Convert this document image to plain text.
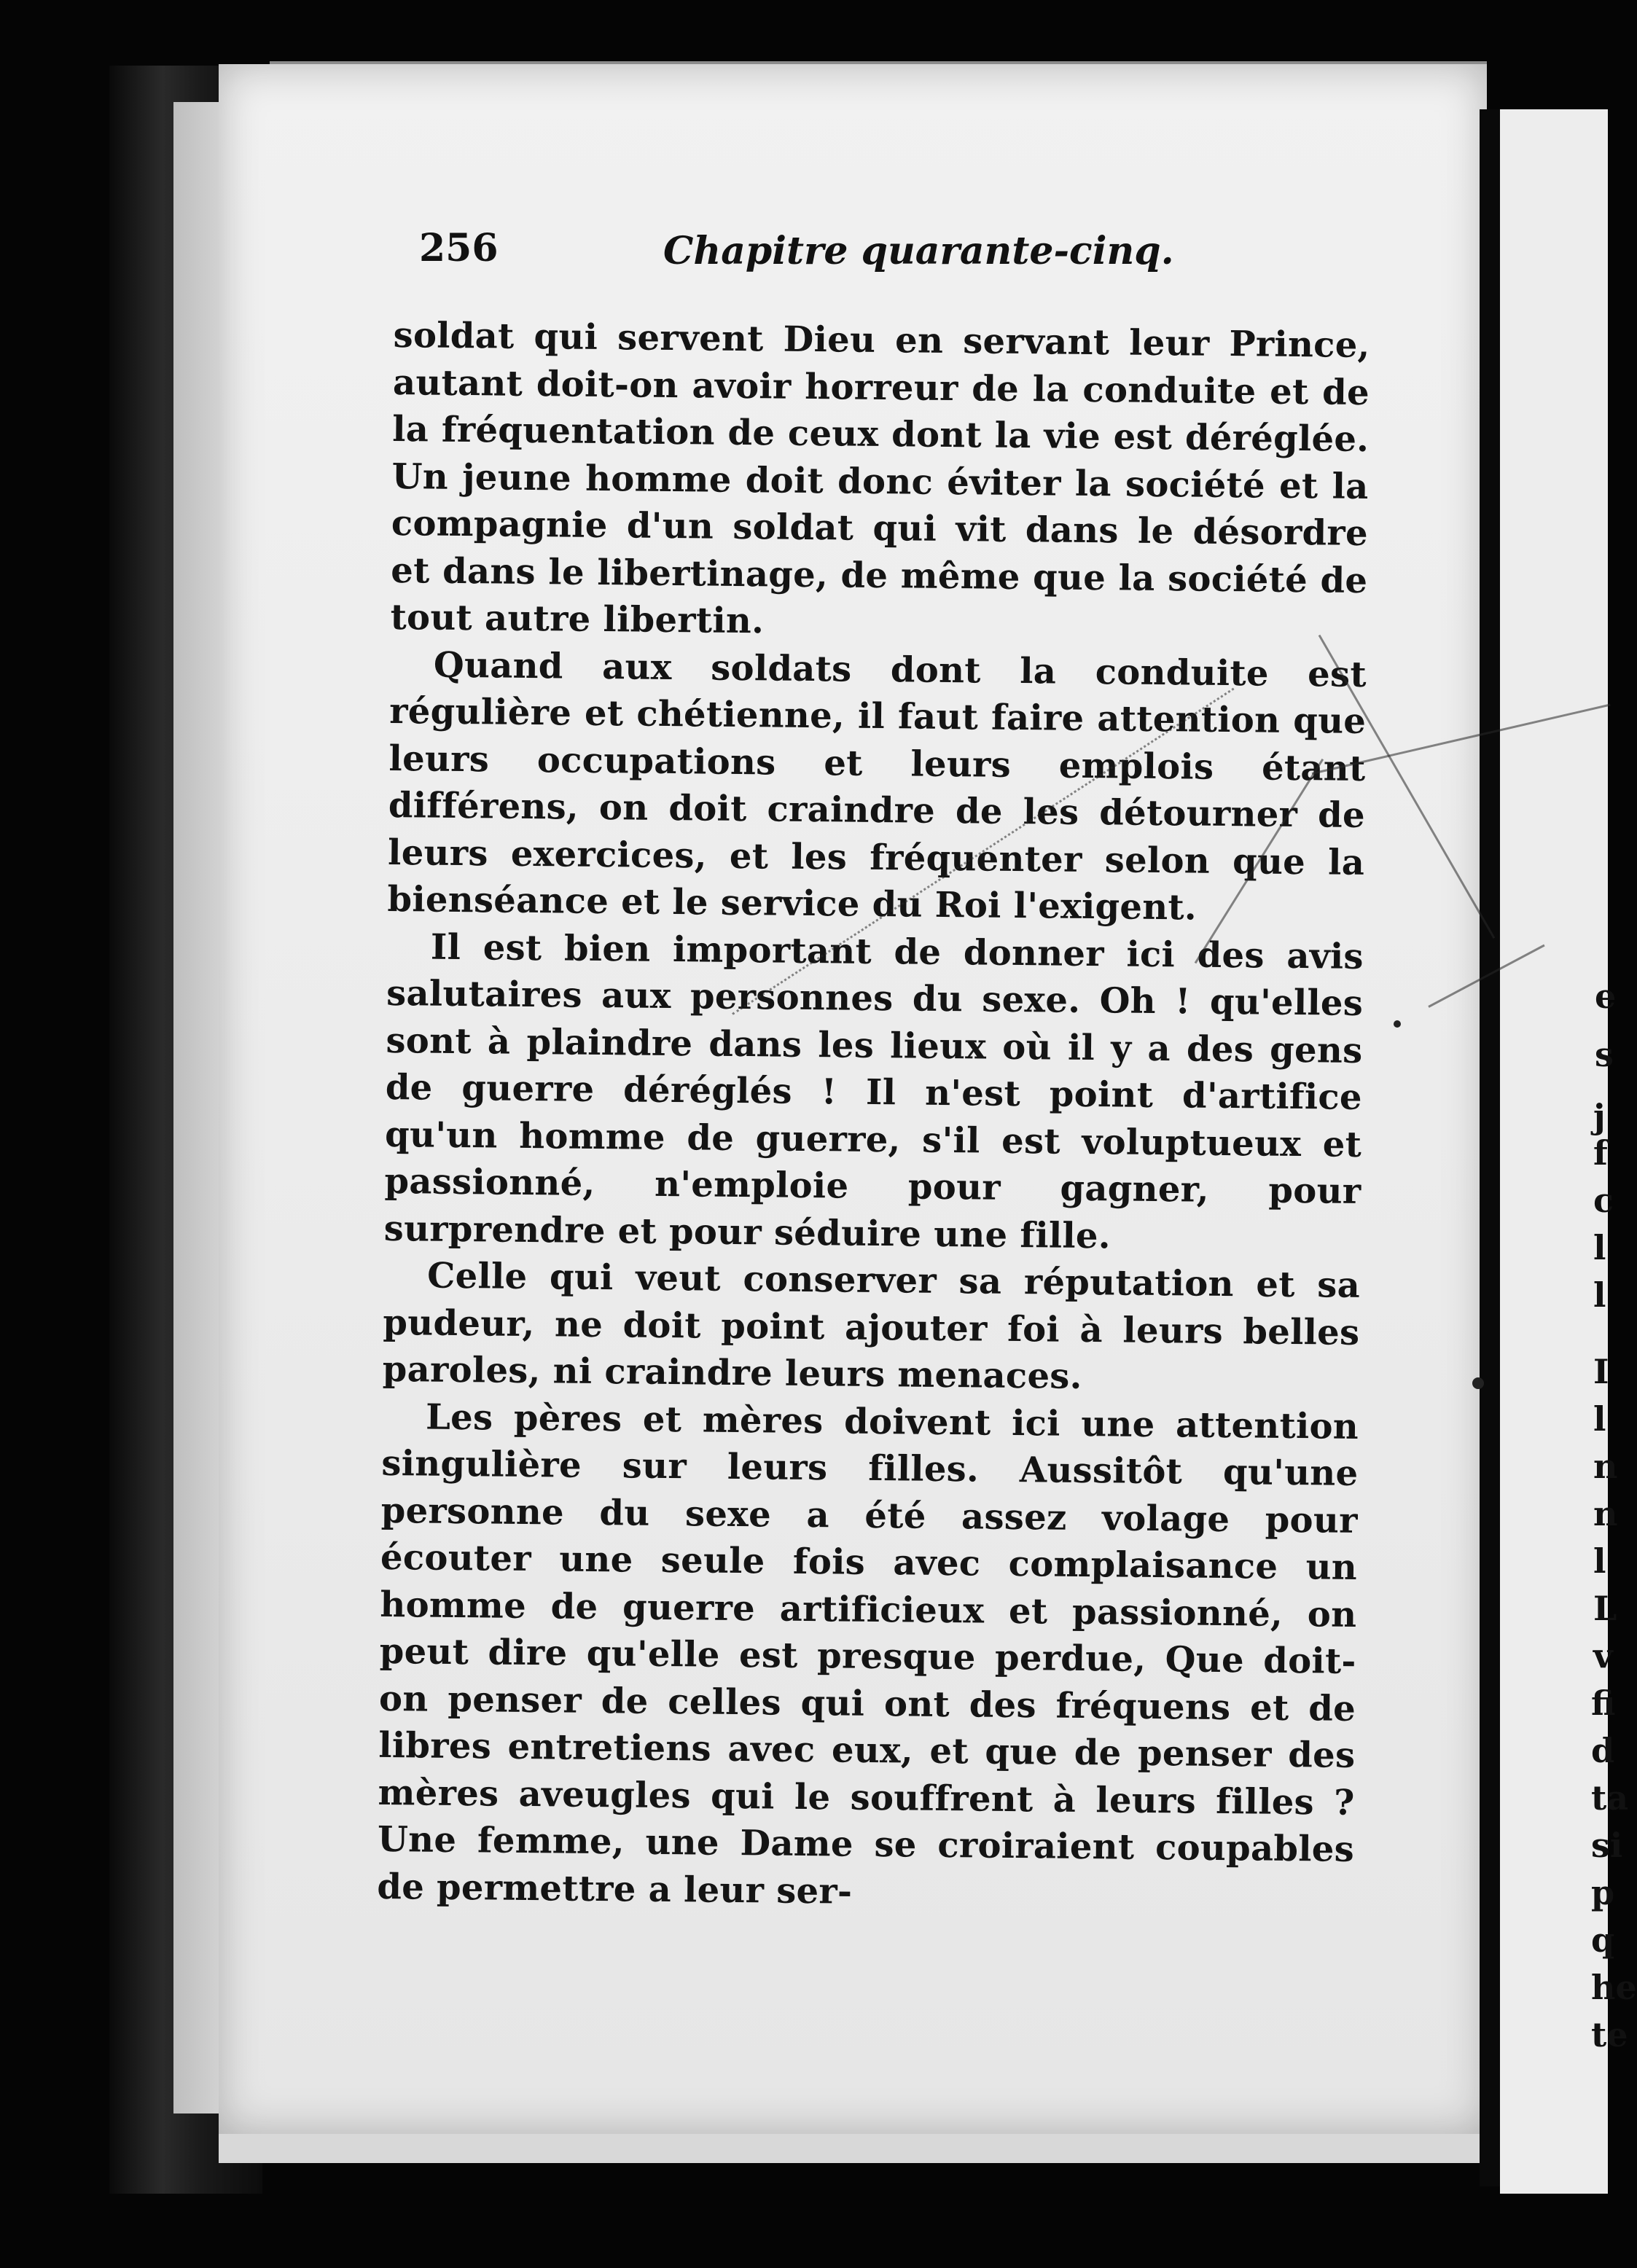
e
s
j
f
c
l
l
I
l
n
n
l
L
v
fi
d
ta
si
p
q
he
te
256	Chapitre quarante-cinq.

soldat qui servent Dieu en servant leur Prince, autant doit-on avoir horreur de la conduite et de la fréquentation de ceux dont la vie est déréglée. Un jeune homme doit donc éviter la société et la compagnie d'un soldat qui vit dans le désordre et dans le libertinage, de même que la société de tout autre libertin.

Quand aux soldats dont la conduite est régulière et chétienne, il faut faire attention que leurs occupations et leurs emplois étant différens, on doit craindre de les détourner de leurs exercices, et les fréquenter selon que la bienséance et le service du Roi l'exigent.

Il est bien important de donner ici des avis salutaires aux personnes du sexe. Oh ! qu'elles sont à plaindre dans les lieux où il y a des gens de guerre déréglés ! Il n'est point d'artifice qu'un homme de guerre, s'il est voluptueux et passionné, n'emploie pour gagner, pour surprendre et pour séduire une fille.

Celle qui veut conserver sa réputation et sa pudeur, ne doit point ajouter foi à leurs belles paroles, ni craindre leurs menaces.

Les pères et mères doivent ici une attention singulière sur leurs filles. Aussitôt qu'une personne du sexe a été assez volage pour écouter une seule fois avec complaisance un homme de guerre artificieux et passionné, on peut dire qu'elle est presque perdue, Que doit-on penser de celles qui ont des fréquens et de libres entretiens avec eux, et que de penser des mères aveugles qui le souffrent à leurs filles ? Une femme, une Dame se croiraient coupables de permettre a leur ser-
